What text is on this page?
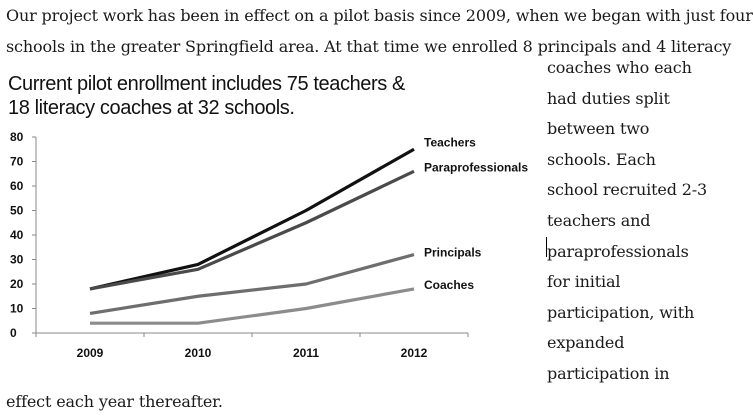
Our project work has been in effect on a pilot basis since 2009, when we began with just four
schools in the greater Springfield area. At that time we enrolled 8 principals and 4 literacy
Current pilot enrollment includes 75 teachers &
18 literacy coaches at 32 schools.
0
10
20
30
40
50
60
70
80
2009	2010	2011	2012
Teachers
Paraprofessionals
Principals
Coaches
coaches who each
had duties split
between two
schools. Each
school recruited 2-3
teachers and
paraprofessionals
for initial
participation, with
expanded
participation in
effect each year thereafter.
